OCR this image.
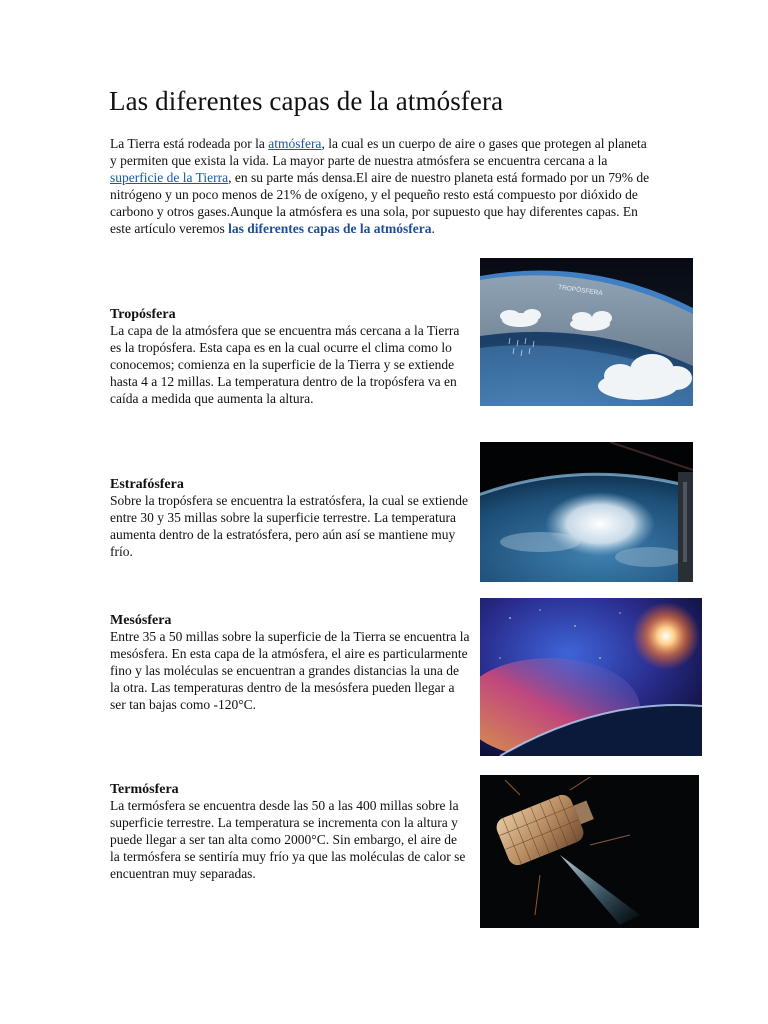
Las diferentes capas de la atmósfera

La Tierra está rodeada por la atmósfera, la cual es un cuerpo de aire o gases que protegen al planeta y permiten que exista la vida. La mayor parte de nuestra atmósfera se encuentra cercana a la superficie de la Tierra, en su parte más densa.El aire de nuestro planeta está formado por un 79% de nitrógeno y un poco menos de 21% de oxígeno, y el pequeño resto está compuesto por dióxido de carbono y otros gases.Aunque la atmósfera es una sola, por supuesto que hay diferentes capas. En este artículo veremos las diferentes capas de la atmósfera.

Tropósfera

La capa de la atmósfera que se encuentra más cercana a la Tierra es la tropósfera. Esta capa es en la cual ocurre el clima como lo conocemos; comienza en la superficie de la Tierra y se extiende hasta 4 a 12 millas. La temperatura dentro de la tropósfera va en caída a medida que aumenta la altura.

Estrafósfera

Sobre la tropósfera se encuentra la estratósfera, la cual se extiende entre 30 y 35 millas sobre la superficie terrestre. La temperatura aumenta dentro de la estratósfera, pero aún así se mantiene muy frío.

Mesósfera

Entre 35 a 50 millas sobre la superficie de la Tierra se encuentra la mesósfera. En esta capa de la atmósfera, el aire es particularmente fino y las moléculas se encuentran a grandes distancias la una de la otra. Las temperaturas dentro de la mesósfera pueden llegar a ser tan bajas como -120°C.

Termósfera

La termósfera se encuentra desde las 50 a las 400 millas sobre la superficie terrestre. La temperatura se incrementa con la altura y puede llegar a ser tan alta como 2000°C. Sin embargo, el aire de la termósfera se sentiría muy frío ya que las moléculas de calor se encuentran muy separadas.

TROPÓSFERA
